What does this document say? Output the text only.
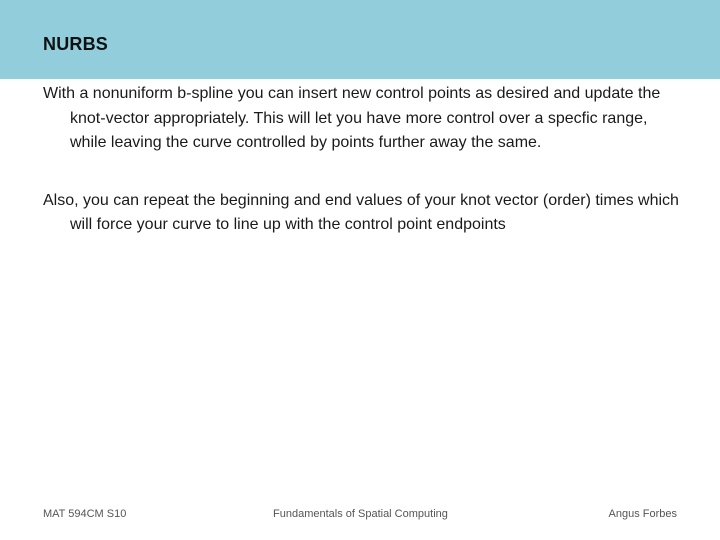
NURBS

With a nonuniform b-spline you can insert new control points as desired and update the knot-vector appropriately. This will let you have more control over a specfic range, while leaving the curve controlled by points further away the same.

Also, you can repeat the beginning and end values of your knot vector (order) times which will force your curve to line up with the control point endpoints

MAT 594CM S10	Fundamentals of Spatial Computing	Angus Forbes
